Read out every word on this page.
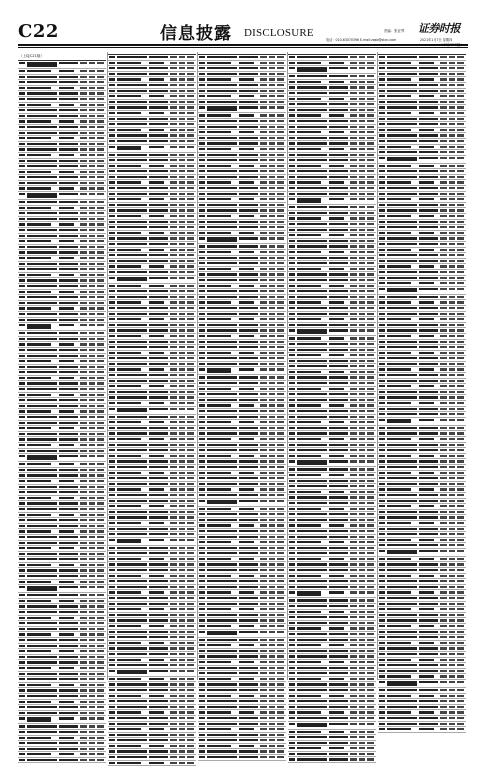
C22	信息披露 DISCLOSURE	责编：张亚琴
电话：010-63070396 E-mail:zqsb@stcn.com
证券时报
2021年1月7日 星期四
（上接C21版）
（下转C23版）
